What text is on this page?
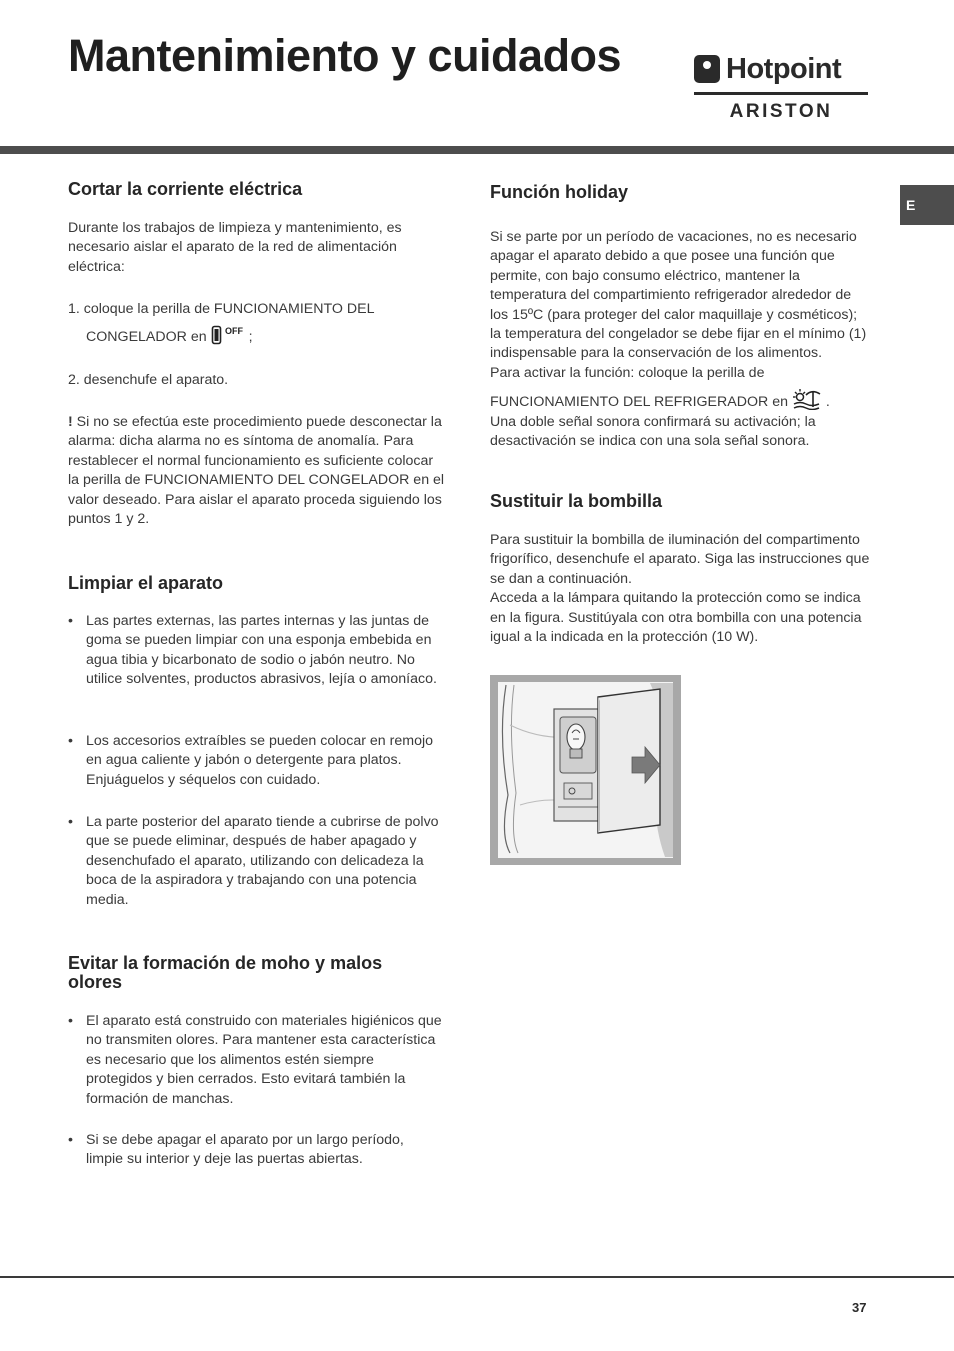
Mantenimiento y cuidados	Hotpoint
ARISTON
E
Cortar la corriente eléctrica
Durante los trabajos de limpieza y mantenimiento, es necesario aislar el aparato de la red de alimentación eléctrica:

1. coloque la perilla de FUNCIONAMIENTO DEL

CONGELADOR en OFF ;

2. desenchufe el aparato.
! Si no se efectúa este procedimiento puede desconectar la alarma: dicha alarma no es síntoma de anomalía. Para restablecer el normal funcionamiento es suficiente colocar la perilla de FUNCIONAMIENTO DEL CONGELADOR en el valor deseado. Para aislar el aparato proceda siguiendo los puntos 1 y 2.
Limpiar el aparato
• Las partes externas, las partes internas y las juntas de goma se pueden limpiar con una esponja embebida en agua tibia y bicarbonato de sodio o jabón neutro. No utilice solventes, productos abrasivos, lejía o amoníaco.
• Los accesorios extraíbles se pueden colocar en remojo en agua caliente y jabón o detergente para platos. Enjuáguelos y séquelos con cuidado.
• La parte posterior del aparato tiende a cubrirse de polvo que se puede eliminar, después de haber apagado y desenchufado el aparato, utilizando con delicadeza la boca de la aspiradora y trabajando con una potencia media.
Evitar la formación de moho y malos olores
• El aparato está construido con materiales higiénicos que no transmiten olores. Para mantener esta característica es necesario que los alimentos estén siempre protegidos y bien cerrados. Esto evitará también la formación de manchas.
• Si se debe apagar el aparato por un largo período, limpie su interior y deje las puertas abiertas.
Función holiday

Si se parte por un período de vacaciones, no es necesario apagar el aparato debido a que posee una función que permite, con bajo consumo eléctrico, mantener la temperatura del compartimiento refrigerador alrededor de los 15ºC (para proteger del calor maquillaje y cosméticos); la temperatura del congelador se debe fijar en el mínimo (1) indispensable para la conservación de los alimentos.

Para activar la función: coloque la perilla de

FUNCIONAMIENTO DEL REFRIGERADOR en	.

Una doble señal sonora confirmará su activación; la desactivación se indica con una sola señal sonora.

Sustituir la bombilla

Para sustituir la bombilla de iluminación del compartimento frigorífico, desenchufe el aparato. Siga las instrucciones que se dan a continuación.

Acceda a la lámpara quitando la protección como se indica en la figura. Sustitúyala con otra bombilla con una potencia igual a la indicada en la protección (10 W).

37
